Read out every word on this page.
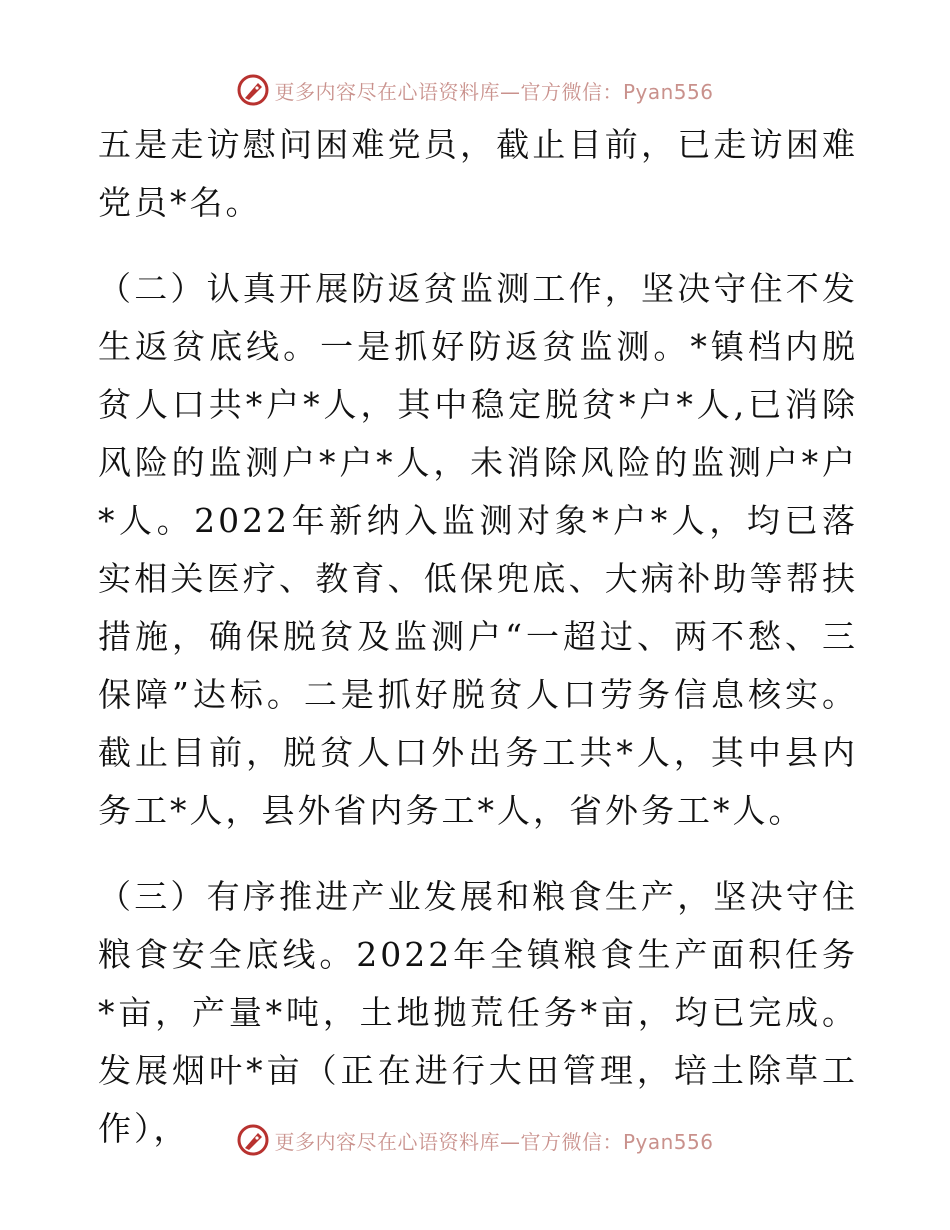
更多内容尽在心语资料库—官方微信：Pyan556

五是走访慰问困难党员，截止目前，已走访困难党员*名。

（二）认真开展防返贫监测工作，坚决守住不发生返贫底线。一是抓好防返贫监测。*镇档内脱贫人口共*户*人，其中稳定脱贫*户*人,已消除风险的监测户*户*人，未消除风险的监测户*户*人。2022年新纳入监测对象*户*人，均已落实相关医疗、教育、低保兜底、大病补助等帮扶措施，确保脱贫及监测户“一超过、两不愁、三保障”达标。二是抓好脱贫人口劳务信息核实。截止目前，脱贫人口外出务工共*人，其中县内务工*人，县外省内务工*人，省外务工*人。

（三）有序推进产业发展和粮食生产，坚决守住粮食安全底线。2022年全镇粮食生产面积任务*亩，产量*吨，土地抛荒任务*亩，均已完成。发展烟叶*亩（正在进行大田管理，培土除草工作），	更多内容尽在心语资料库—官方微信：Pyan556
